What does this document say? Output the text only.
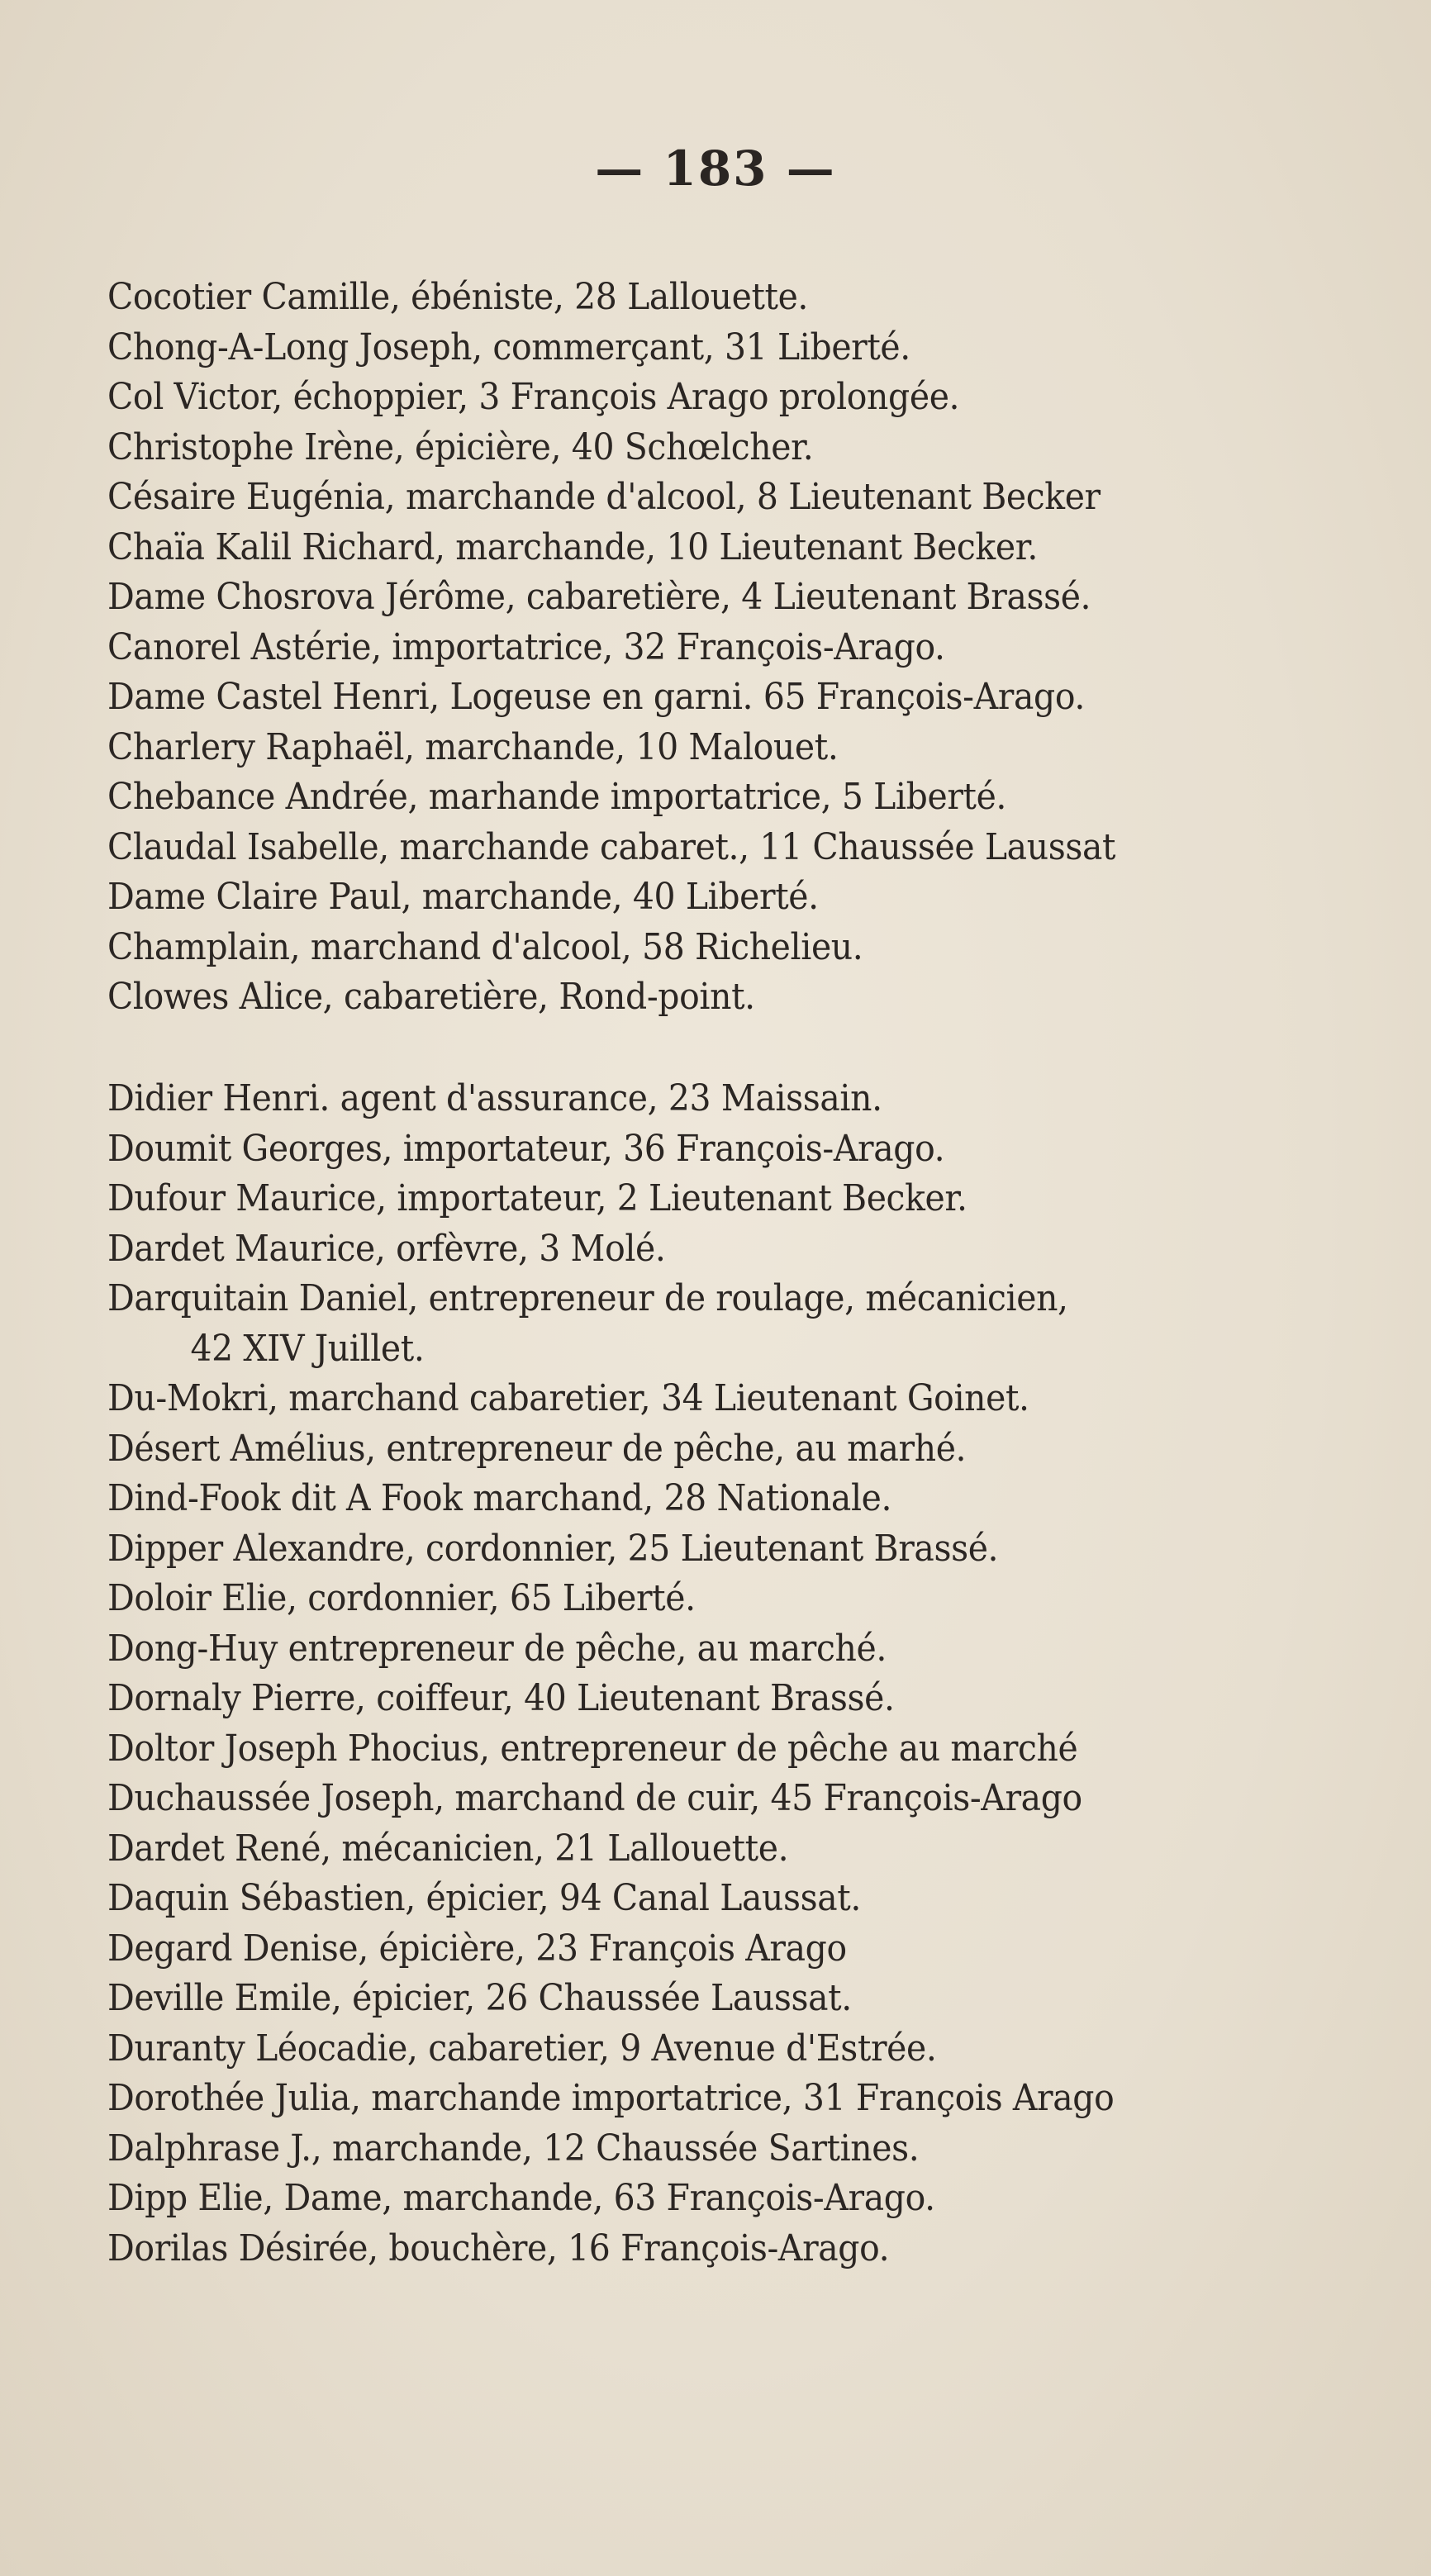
— 183 —
Cocotier Camille, ébéniste, 28 Lallouette.
Chong-A-Long Joseph, commerçant, 31 Liberté.
Col Victor, échoppier, 3 François Arago prolongée.
Christophe Irène, épicière, 40 Schœlcher.
Césaire Eugénia, marchande d'alcool, 8 Lieutenant Becker
Chaïa Kalil Richard, marchande, 10 Lieutenant Becker.
Dame Chosrova Jérôme, cabaretière, 4 Lieutenant Brassé.
Canorel Astérie, importatrice, 32 François-Arago.
Dame Castel Henri, Logeuse en garni. 65 François-Arago.
Charlery Raphaël, marchande, 10 Malouet.
Chebance Andrée, marhande importatrice, 5 Liberté.
Claudal Isabelle, marchande cabaret., 11 Chaussée Laussat
Dame Claire Paul, marchande, 40 Liberté.
Champlain, marchand d'alcool, 58 Richelieu.
Clowes Alice, cabaretière, Rond-point.
Didier Henri. agent d'assurance, 23 Maissain.
Doumit Georges, importateur, 36 François-Arago.
Dufour Maurice, importateur, 2 Lieutenant Becker.
Dardet Maurice, orfèvre, 3 Molé.
Darquitain Daniel, entrepreneur de roulage, mécanicien,
42 XIV Juillet.
Du-Mokri, marchand cabaretier, 34 Lieutenant Goinet.
Désert Amélius, entrepreneur de pêche, au marhé.
Dind-Fook dit A Fook marchand, 28 Nationale.
Dipper Alexandre, cordonnier, 25 Lieutenant Brassé.
Doloir Elie, cordonnier, 65 Liberté.
Dong-Huy entrepreneur de pêche, au marché.
Dornaly Pierre, coiffeur, 40 Lieutenant Brassé.
Doltor Joseph Phocius, entrepreneur de pêche au marché
Duchaussée Joseph, marchand de cuir, 45 François-Arago
Dardet René, mécanicien, 21 Lallouette.
Daquin Sébastien, épicier, 94 Canal Laussat.
Degard Denise, épicière, 23 François Arago
Deville Emile, épicier, 26 Chaussée Laussat.
Duranty Léocadie, cabaretier, 9 Avenue d'Estrée.
Dorothée Julia, marchande importatrice, 31 François Arago
Dalphrase J., marchande, 12 Chaussée Sartines.
Dipp Elie, Dame, marchande, 63 François-Arago.
Dorilas Désirée, bouchère, 16 François-Arago.
